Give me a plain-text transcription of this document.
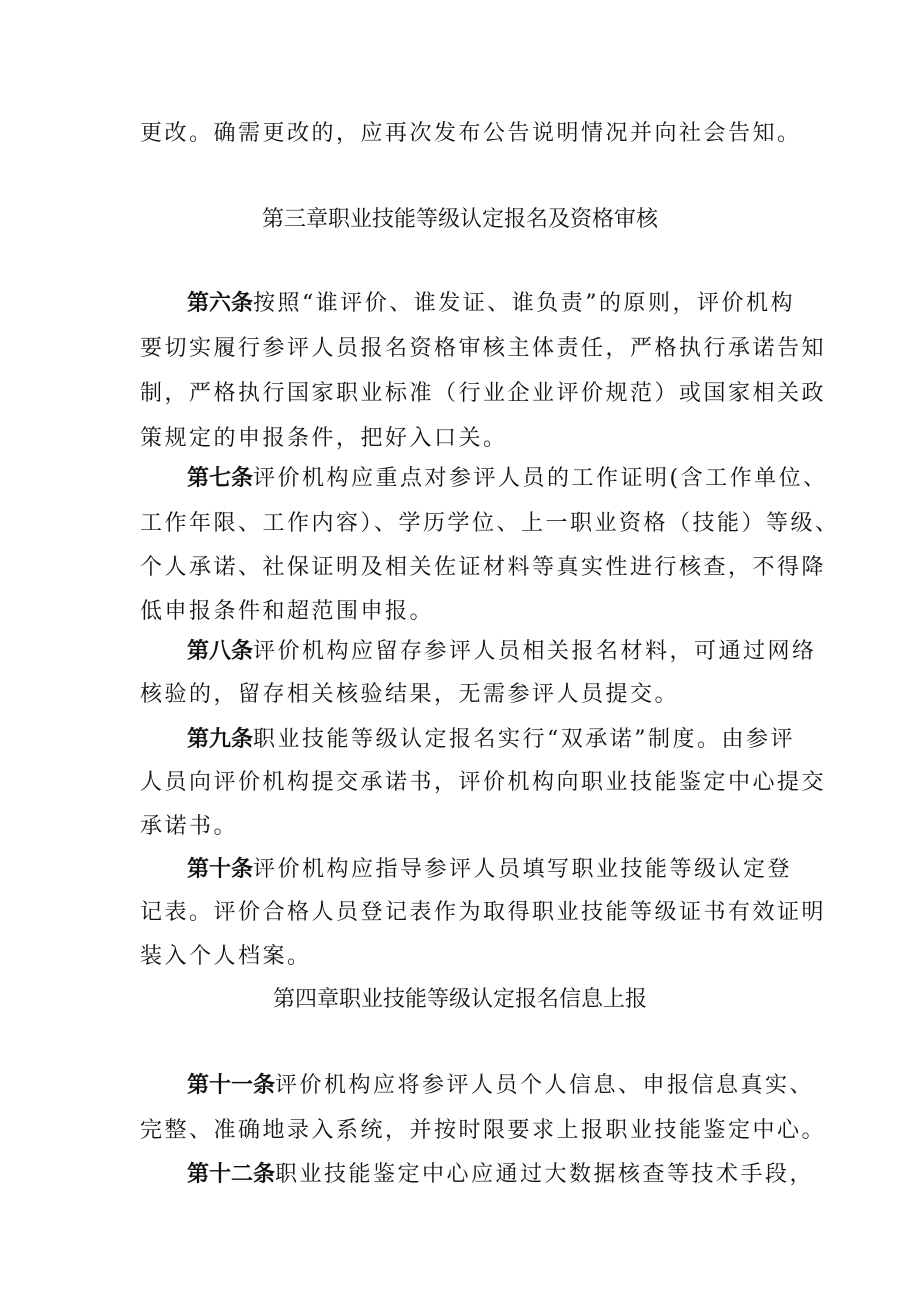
更改。确需更改的，应再次发布公告说明情况并向社会告知。
第三章职业技能等级认定报名及资格审核
第六条按照“谁评价、谁发证、谁负责”的原则，评价机构
要切实履行参评人员报名资格审核主体责任，严格执行承诺告知
制，严格执行国家职业标准（行业企业评价规范）或国家相关政
策规定的申报条件，把好入口关。
第七条评价机构应重点对参评人员的工作证明(含工作单位、
工作年限、工作内容）、学历学位、上一职业资格（技能）等级、
个人承诺、社保证明及相关佐证材料等真实性进行核查，不得降
低申报条件和超范围申报。
第八条评价机构应留存参评人员相关报名材料，可通过网络
核验的，留存相关核验结果，无需参评人员提交。
第九条职业技能等级认定报名实行“双承诺”制度。由参评
人员向评价机构提交承诺书，评价机构向职业技能鉴定中心提交
承诺书。
第十条评价机构应指导参评人员填写职业技能等级认定登
记表。评价合格人员登记表作为取得职业技能等级证书有效证明
装入个人档案。
第四章职业技能等级认定报名信息上报
第十一条评价机构应将参评人员个人信息、申报信息真实、
完整、准确地录入系统，并按时限要求上报职业技能鉴定中心。
第十二条职业技能鉴定中心应通过大数据核查等技术手段，
